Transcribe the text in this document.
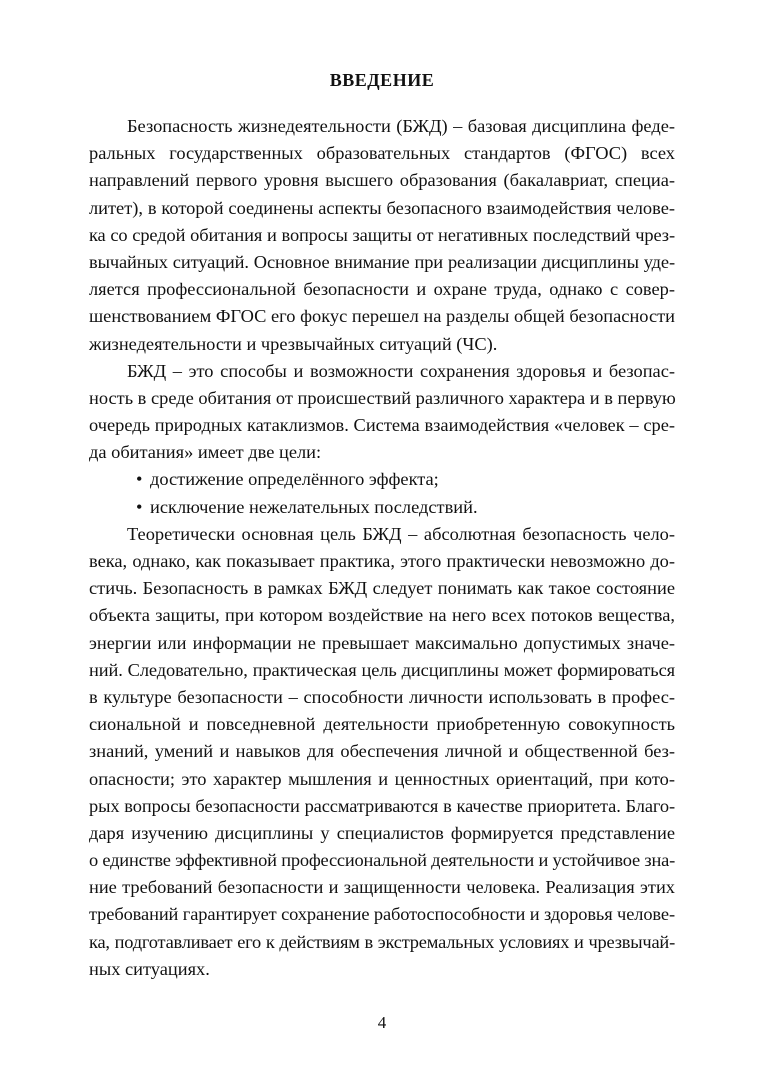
ВВЕДЕНИЕ
Безопасность жизнедеятельности (БЖД) – базовая дисциплина феде-
ральных государственных образовательных стандартов (ФГОС) всех
направлений первого уровня высшего образования (бакалавриат, специа-
литет), в которой соединены аспекты безопасного взаимодействия челове-
ка со средой обитания и вопросы защиты от негативных последствий чрез-
вычайных ситуаций. Основное внимание при реализации дисциплины уде-
ляется профессиональной безопасности и охране труда, однако с совер-
шенствованием ФГОС его фокус перешел на разделы общей безопасности
жизнедеятельности и чрезвычайных ситуаций (ЧС).
БЖД – это способы и возможности сохранения здоровья и безопас-
ность в среде обитания от происшествий различного характера и в первую
очередь природных катаклизмов. Система взаимодействия «человек – сре-
да обитания» имеет две цели:
• достижение определённого эффекта;
• исключение нежелательных последствий.
Теоретически основная цель БЖД – абсолютная безопасность чело-
века, однако, как показывает практика, этого практически невозможно до-
стичь. Безопасность в рамках БЖД следует понимать как такое состояние
объекта защиты, при котором воздействие на него всех потоков вещества,
энергии или информации не превышает максимально допустимых значе-
ний. Следовательно, практическая цель дисциплины может формироваться
в культуре безопасности – способности личности использовать в профес-
сиональной и повседневной деятельности приобретенную совокупность
знаний, умений и навыков для обеспечения личной и общественной без-
опасности; это характер мышления и ценностных ориентаций, при кото-
рых вопросы безопасности рассматриваются в качестве приоритета. Благо-
даря изучению дисциплины у специалистов формируется представление
о единстве эффективной профессиональной деятельности и устойчивое зна-
ние требований безопасности и защищенности человека. Реализация этих
требований гарантирует сохранение работоспособности и здоровья челове-
ка, подготавливает его к действиям в экстремальных условиях и чрезвычай-
ных ситуациях.
4
